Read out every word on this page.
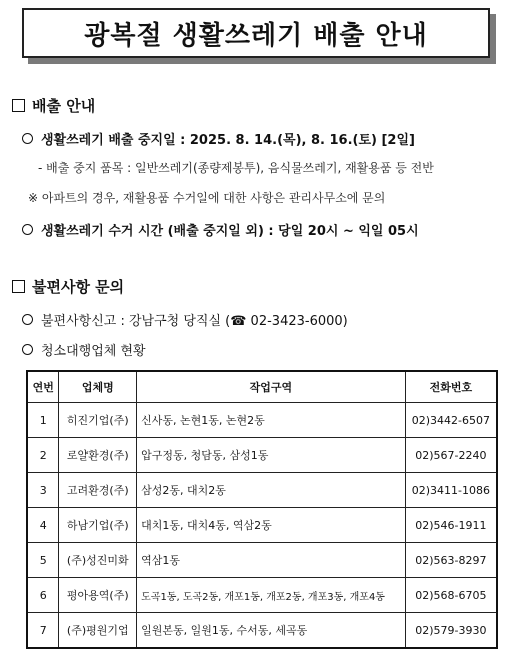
광복절 생활쓰레기 배출 안내
배출 안내
생활쓰레기 배출 중지일 : 2025. 8. 14.(목), 8. 16.(토) [2일]
- 배출 중지 품목 : 일반쓰레기(종량제봉투), 음식물쓰레기, 재활용품 등 전반
※ 아파트의 경우, 재활용품 수거일에 대한 사항은 관리사무소에 문의
생활쓰레기 수거 시간 (배출 중지일 외) : 당일 20시 ~ 익일 05시
불편사항 문의
불편사항신고 : 강남구청 당직실 (☎ 02-3423-6000)
청소대행업체 현황
연번	업체명	작업구역	전화번호
1	히진기업(주)	신사동, 논현1동, 논현2동	02)3442-6507
2	로얄환경(주)	압구정동, 청담동, 삼성1동	02)567-2240
3	고려환경(주)	삼성2동, 대치2동	02)3411-1086
4	하남기업(주)	대치1동, 대치4동, 역삼2동	02)546-1911
5	(주)성진미화	역삼1동	02)563-8297
6	평아용역(주)	도곡1동, 도곡2동, 개포1동, 개포2동, 개포3동, 개포4동	02)568-6705
7	(주)평원기업	일원본동, 일원1동, 수서동, 세곡동	02)579-3930
